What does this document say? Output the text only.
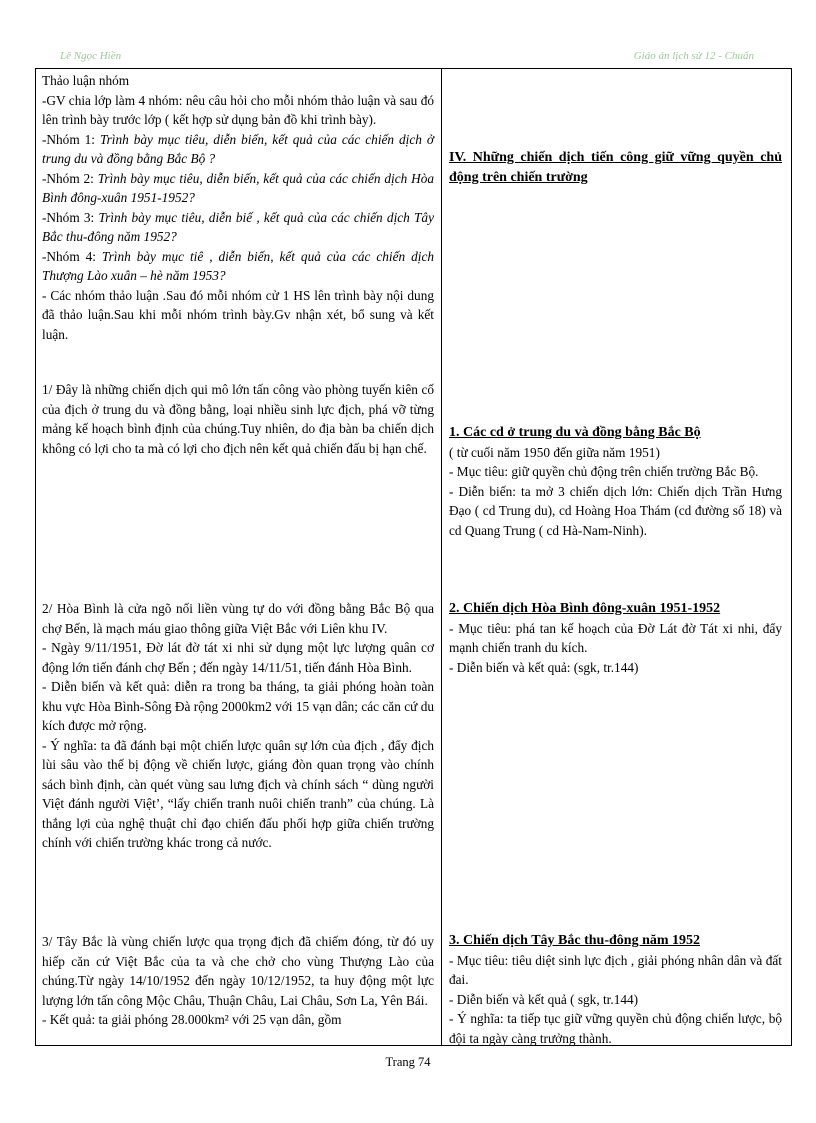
Lê Ngọc Hiền	Giáo án lịch sử 12 - Chuẩn

Thảo luận nhóm

-GV chia lớp làm 4 nhóm: nêu câu hỏi cho mỗi nhóm thảo luận và sau đó lên trình bày trước lớp ( kết hợp sử dụng bản đồ khi trình bày).

-Nhóm 1: Trình bày mục tiêu, diễn biến, kết quả của các chiến dịch ở trung du và đồng bằng Bắc Bộ ?

-Nhóm 2: Trình bày mục tiêu, diễn biến, kết quả của các chiến dịch Hòa Bình đông-xuân 1951-1952?

-Nhóm 3: Trình bày mục tiêu, diễn biế , kết quả của các chiến dịch Tây Bắc thu-đông năm 1952?

-Nhóm 4: Trình bày mục tiê , diễn biến, kết quả của các chiến dịch Thượng Lào xuân – hè năm 1953?

- Các nhóm thảo luận .Sau đó mỗi nhóm cử 1 HS lên trình bày nội dung đã thảo luận.Sau khi mỗi nhóm trình bày.Gv nhận xét, bổ sung và kết luận.

1/ Đây là những chiến dịch qui mô lớn tấn công vào phòng tuyến kiên cố của địch ở trung du và đồng bằng, loại nhiều sinh lực địch, phá vỡ từng mảng kế hoạch bình định của chúng.Tuy nhiên, do địa bàn ba chiến dịch không có lợi cho ta mà có lợi cho địch nên kết quả chiến đấu bị hạn chế.

2/ Hòa Bình là cửa ngõ nối liền vùng tự do với đồng bằng Bắc Bộ qua chợ Bến, là mạch máu giao thông giữa Việt Bắc với Liên khu IV.

- Ngày 9/11/1951, Đờ lát đờ tát xi nhi sử dụng một lực lượng quân cơ động lớn tiến đánh chợ Bến ; đến ngày 14/11/51, tiến đánh Hòa Bình.

- Diễn biến và kết quả: diễn ra trong ba tháng, ta giải phóng hoàn toàn khu vực Hòa Bình-Sông Đà rộng 2000km2 với 15 vạn dân; các căn cứ du kích được mở rộng.

- Ý nghĩa: ta đã đánh bại một chiến lược quân sự lớn của địch , đẩy địch lùi sâu vào thế bị động về chiến lược, giáng đòn quan trọng vào chính sách bình định, càn quét vùng sau lưng địch và chính sách “ dùng người Việt đánh người Việt’, “lấy chiến tranh nuôi chiến tranh” của chúng. Là thắng lợi của nghệ thuật chỉ đạo chiến đấu phối hợp giữa chiến trường chính với chiến trường khác trong cả nước.

3/ Tây Bắc là vùng chiến lược qua trọng địch đã chiếm đóng, từ đó uy hiếp căn cứ Việt Bắc của ta và che chở cho vùng Thượng Lào của chúng.Từ ngày 14/10/1952 đến ngày 10/12/1952, ta huy động một lực lượng lớn tấn công Mộc Châu, Thuận Châu, Lai Châu, Sơn La, Yên Bái.

- Kết quả: ta giải phóng 28.000km² với 25 vạn dân, gồm

IV. Những chiến dịch tiến công giữ vững quyền chủ động trên chiến trường

1. Các cd ở trung du và đồng bằng Bắc Bộ

( từ cuối năm 1950 đến giữa năm 1951)

- Mục tiêu: giữ quyền chủ động trên chiến trường Bắc Bộ.

- Diễn biến: ta mở 3 chiến dịch lớn: Chiến dịch Trần Hưng Đạo ( cd Trung du), cd Hoàng Hoa Thám (cd đường số 18) và cd Quang Trung ( cd Hà-Nam-Ninh).

2. Chiến dịch Hòa Bình đông-xuân 1951-1952

- Mục tiêu: phá tan kế hoạch của Đờ Lát đờ Tát xi nhi, đẩy mạnh chiến tranh du kích.

- Diễn biến và kết quả: (sgk, tr.144)

3. Chiến dịch Tây Bắc thu-đông năm 1952

- Mục tiêu: tiêu diệt sinh lực địch , giải phóng nhân dân và đất đai.

- Diễn biến và kết quả ( sgk, tr.144)

- Ý nghĩa: ta tiếp tục giữ vững quyền chủ động chiến lược, bộ đội ta ngày càng trưởng thành.

Trang 74
